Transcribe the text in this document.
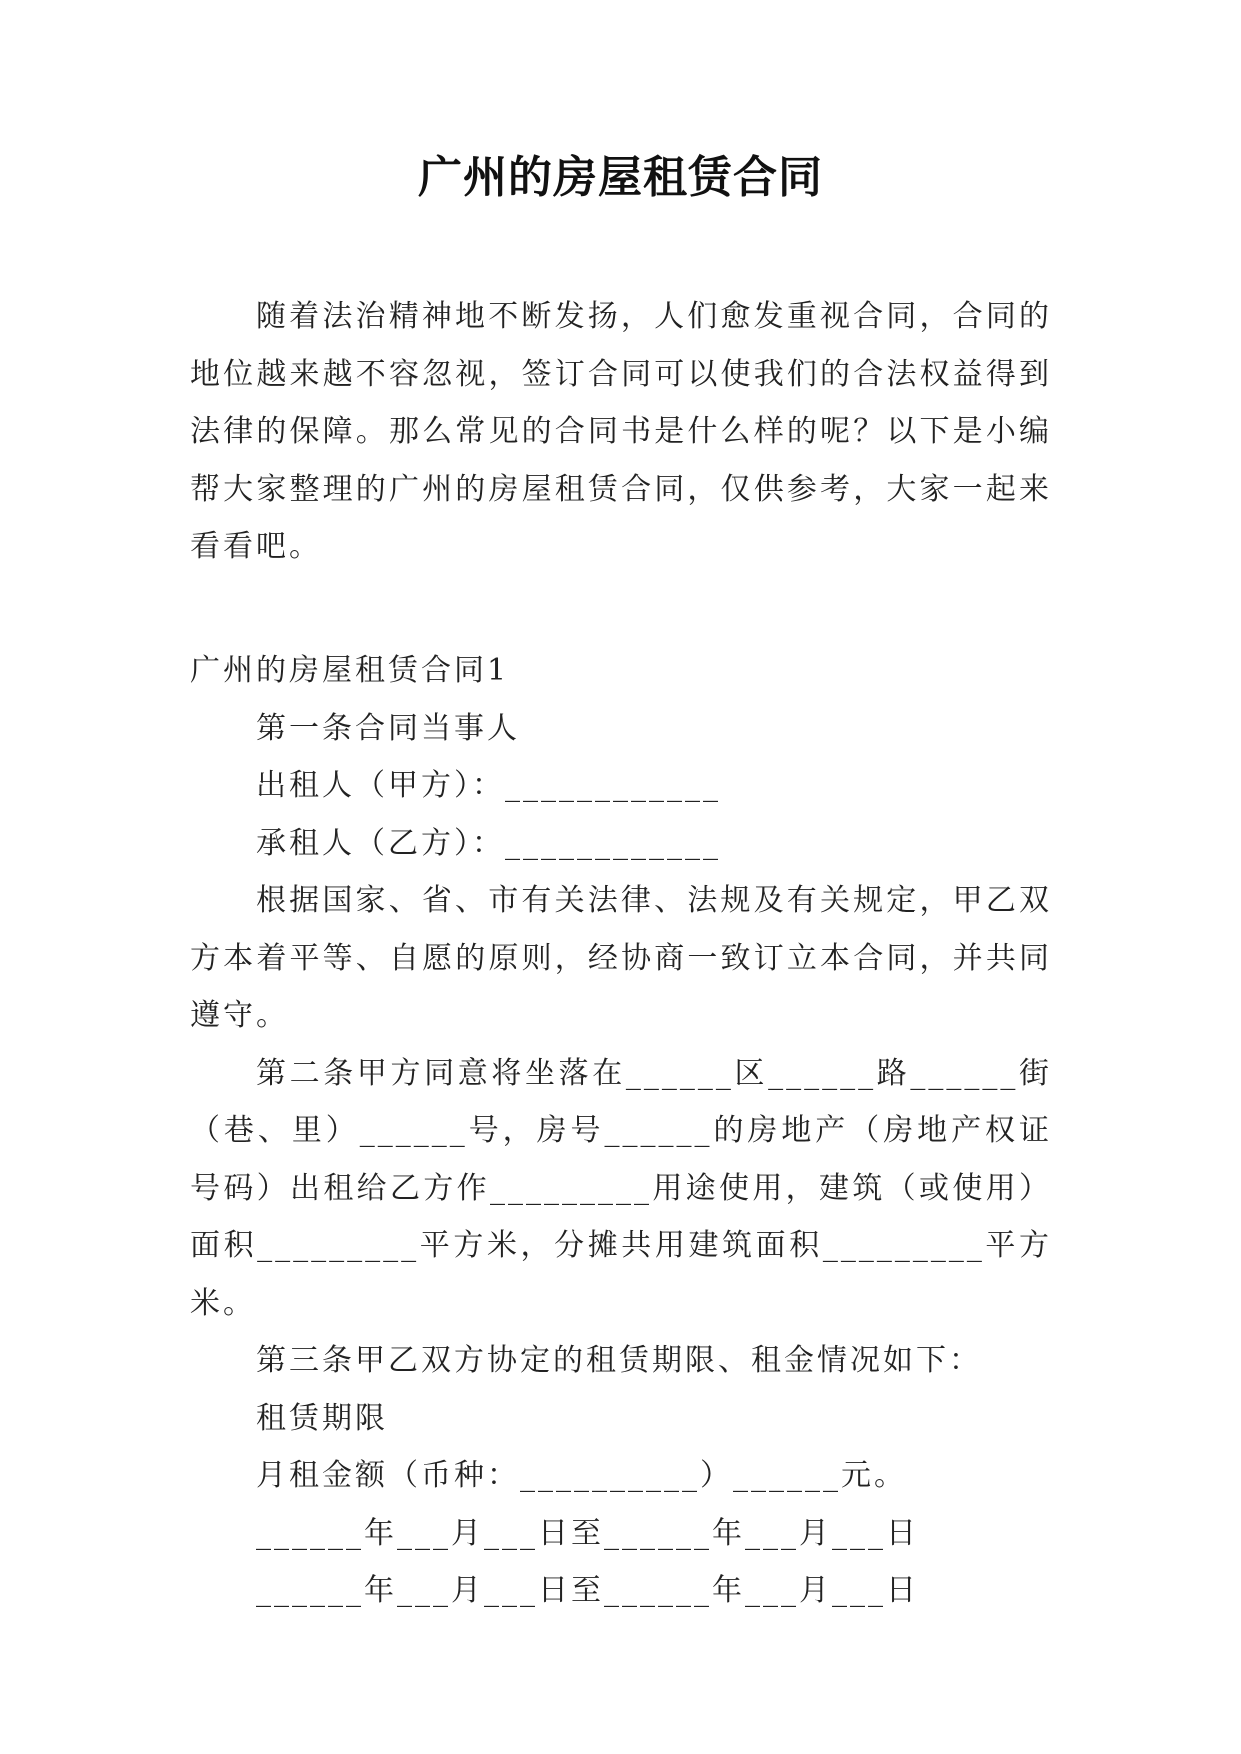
广州的房屋租赁合同

随着法治精神地不断发扬，人们愈发重视合同，合同的地位越来越不容忽视，签订合同可以使我们的合法权益得到法律的保障。那么常见的合同书是什么样的呢？以下是小编帮大家整理的广州的房屋租赁合同，仅供参考，大家一起来看看吧。

广州的房屋租赁合同1

第一条合同当事人

出租人（甲方）：____________

承租人（乙方）：____________

根据国家、省、市有关法律、法规及有关规定，甲乙双方本着平等、自愿的原则，经协商一致订立本合同，并共同遵守。

第二条甲方同意将坐落在______区______路______街（巷、里）______号，房号______的房地产（房地产权证号码）出租给乙方作_________用途使用，建筑（或使用）面积_________平方米，分摊共用建筑面积_________平方米。

第三条甲乙双方协定的租赁期限、租金情况如下：

租赁期限

月租金额（币种：__________）______元。

______年___月___日至______年___月___日

______年___月___日至______年___月___日
